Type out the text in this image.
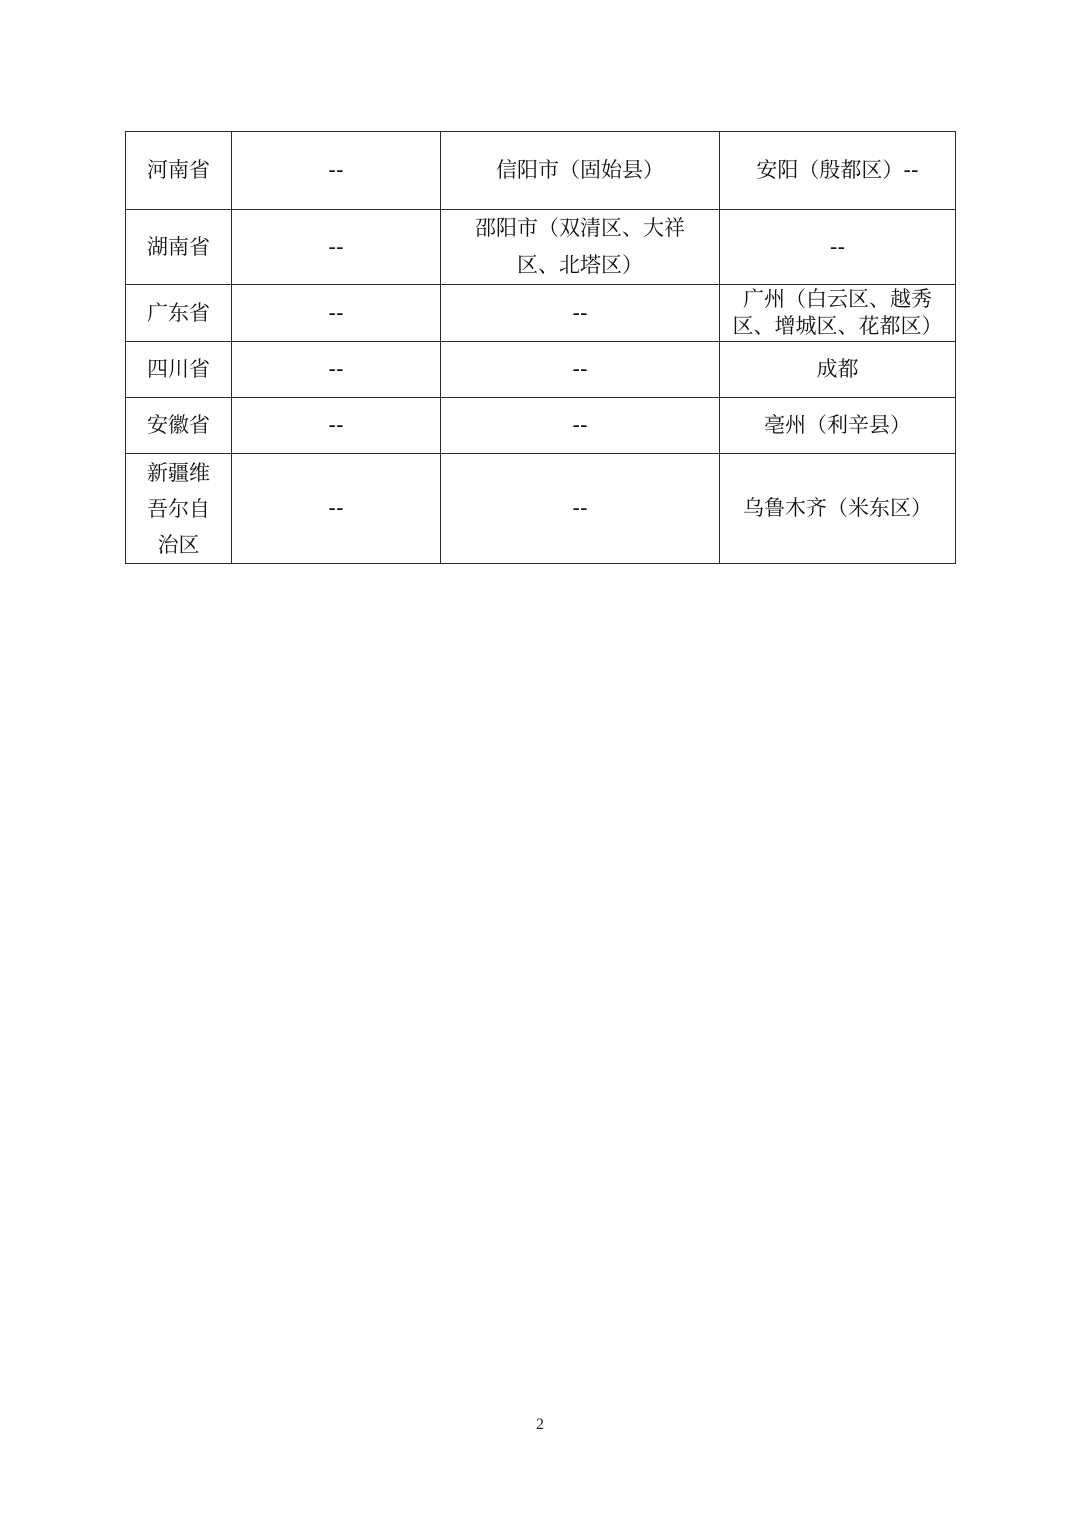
河南省	--	信阳市（固始县）	安阳（殷都区）--
湖南省	--	邵阳市（双清区、大祥区、北塔区）	--
广东省	--	--	广州（白云区、越秀区、增城区、花都区）
四川省	--	--	成都
安徽省	--	--	亳州（利辛县）
新疆维吾尔自治区	--	--	乌鲁木齐（米东区）
2
